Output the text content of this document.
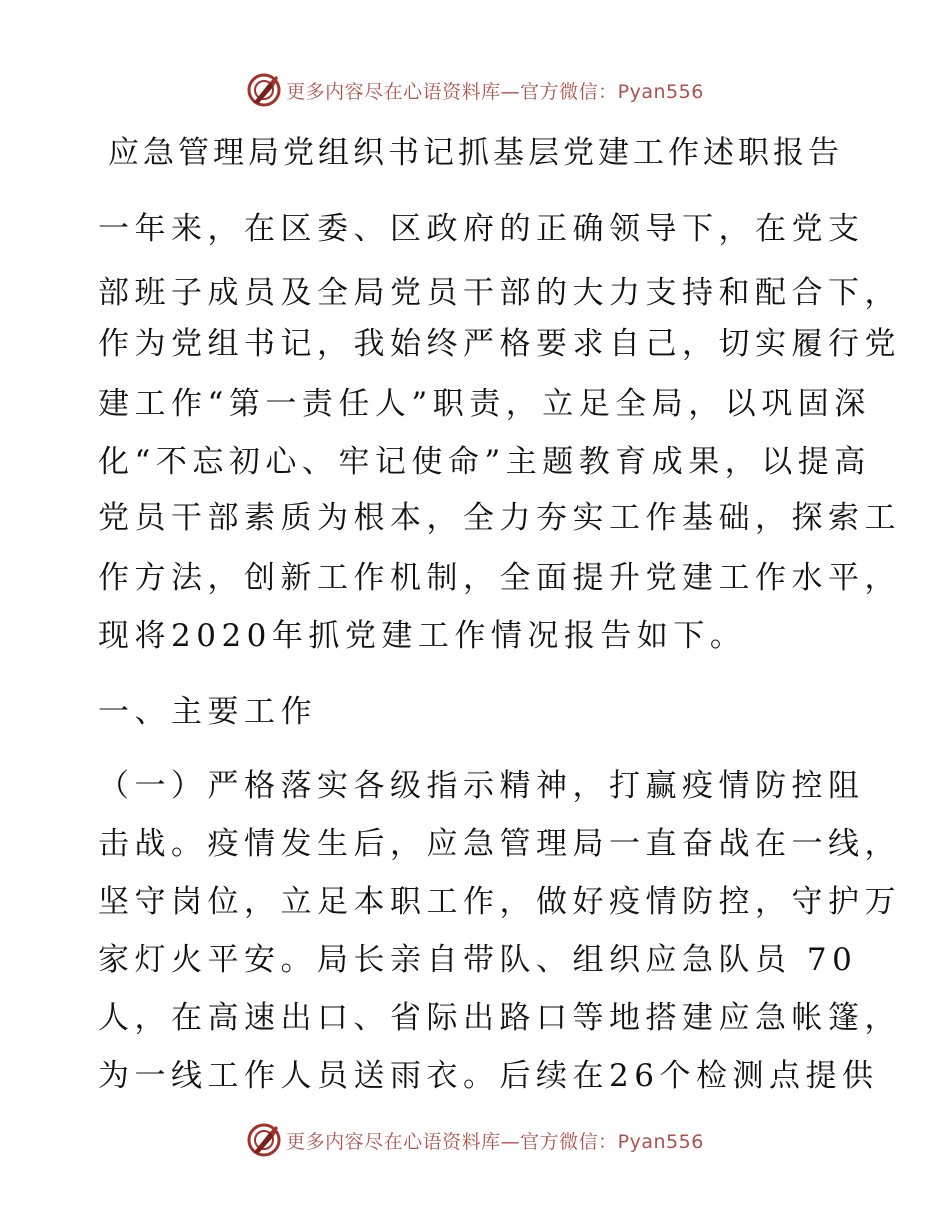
更多内容尽在心语资料库—官方微信：Pyan556
应急管理局党组织书记抓基层党建工作述职报告
一年来，在区委、区政府的正确领导下，在党支
部班子成员及全局党员干部的大力支持和配合下，
作为党组书记，我始终严格要求自己，切实履行党
建工作“第一责任人”职责，立足全局，以巩固深
化“不忘初心、牢记使命”主题教育成果，以提高
党员干部素质为根本，全力夯实工作基础，探索工
作方法，创新工作机制，全面提升党建工作水平，
现将2020年抓党建工作情况报告如下。
一、主要工作
（一）严格落实各级指示精神，打赢疫情防控阻
击战。疫情发生后，应急管理局一直奋战在一线，
坚守岗位，立足本职工作，做好疫情防控，守护万
家灯火平安。局长亲自带队、组织应急队员 70
人，在高速出口、省际出路口等地搭建应急帐篷，
为一线工作人员送雨衣。后续在26个检测点提供
更多内容尽在心语资料库—官方微信：Pyan556
